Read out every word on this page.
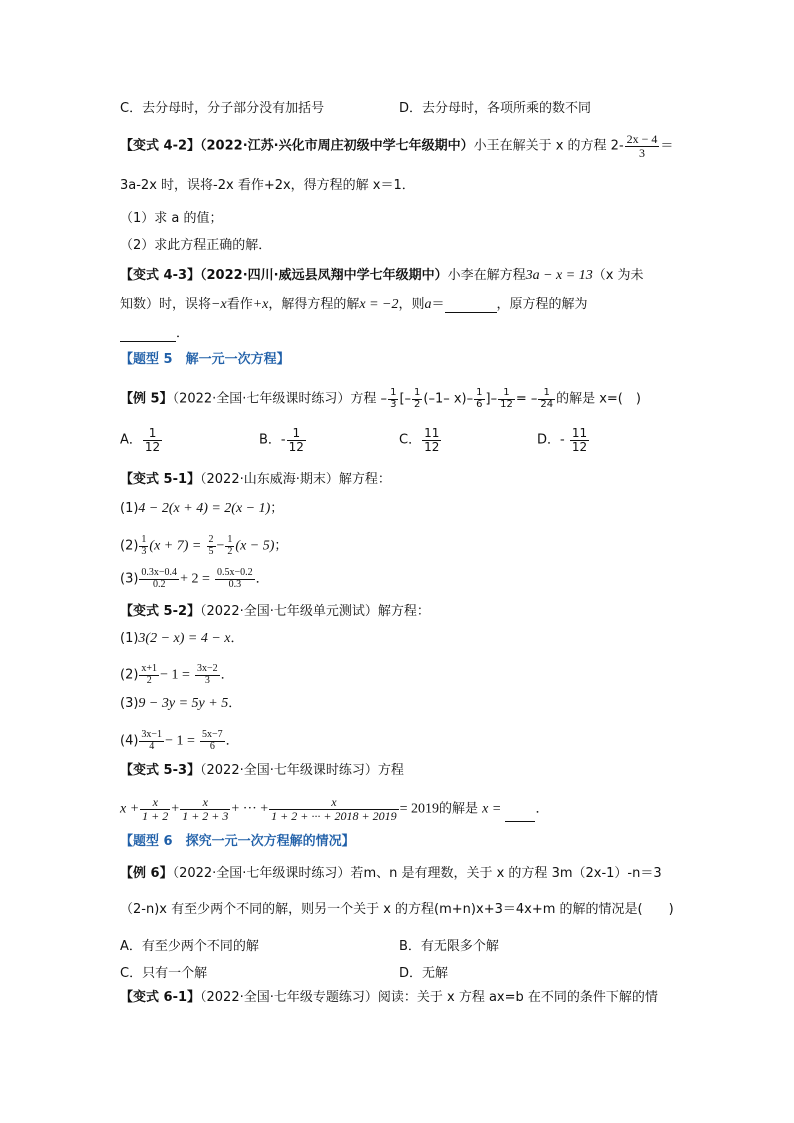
C．去分母时，分子部分没有加括号	D．去分母时，各项所乘的数不同
【变式 4-2】（2022·江苏·兴化市周庄初级中学七年级期中）小王在解关于 x 的方程 $2- \frac{2x - 4}{3}$ ＝
3a-2x 时，误将-2x 看作+2x，得方程的解 x＝1．
（1）求 a 的值；
（2）求此方程正确的解．
【变式 4-3】（2022·四川·威远县凤翔中学七年级期中）小李在解方程3a − x = 13（x 为未
知数）时，误将−x看作+x，解得方程的解x = −2，则a＝	，原方程的解为
．
【题型 5　解一元一次方程】
【例 5】（2022·全国·七年级课时练习）方程 – $\frac{1}{3}$ [– $\frac{1}{2} (-1-$ $x)- \frac{1}{6}$ ]– $\frac{1}{12}$ = – $\frac{1}{24}$ 的解是 x=(　)
A． $\frac{1}{12}$	B．- $\frac{1}{12}$	C． $\frac{11}{12}$	D．- $\frac{11}{12}$
【变式 5-1】（2022·山东威海·期末）解方程：
(1)4 − 2(x + 4) = 2(x − 1)；
$(2) \frac{1}{3} (x + 7) = \frac{2}{5} - \frac{1}{2} (x - 5)$；
$(3) \frac{0.3x-0.4}{0.2} + 2 = \frac{0.5x-0.2}{0.3}$ ．
【变式 5-2】（2022·全国·七年级单元测试）解方程：
(1)3(2 − x) = 4 − x．
$(2) \frac{x+1}{2} - 1 = \frac{3x-2}{3}$ ．
(3)9 − 3y = 5y + 5．
$(4) \frac{3x-1}{4} - 1 = \frac{5x-7}{6}$ ．
【变式 5-3】（2022·全国·七年级课时练习）方程
$x + \frac{x}{1 + 2} + \frac{x}{1 + 2 + 3}$ + ··· + $\frac{x}{1 + 2 + \cdot\cdot\cdot + 2018 + 2019} = 2019$的解是 x =	．
【题型 6　探究一元一次方程解的情况】
【例 6】（2022·全国·七年级课时练习）若m、n 是有理数，关于 x 的方程 3m（2x-1）-n＝3
（2-n)x 有至少两个不同的解，则另一个关于 x 的方程(m+n)x+3＝4x+m 的解的情况是(　　)
A．有至少两个不同的解	B．有无限多个解
C．只有一个解	D．无解
【变式 6-1】（2022·全国·七年级专题练习）阅读：关于 x 方程 ax=b 在不同的条件下解的情
